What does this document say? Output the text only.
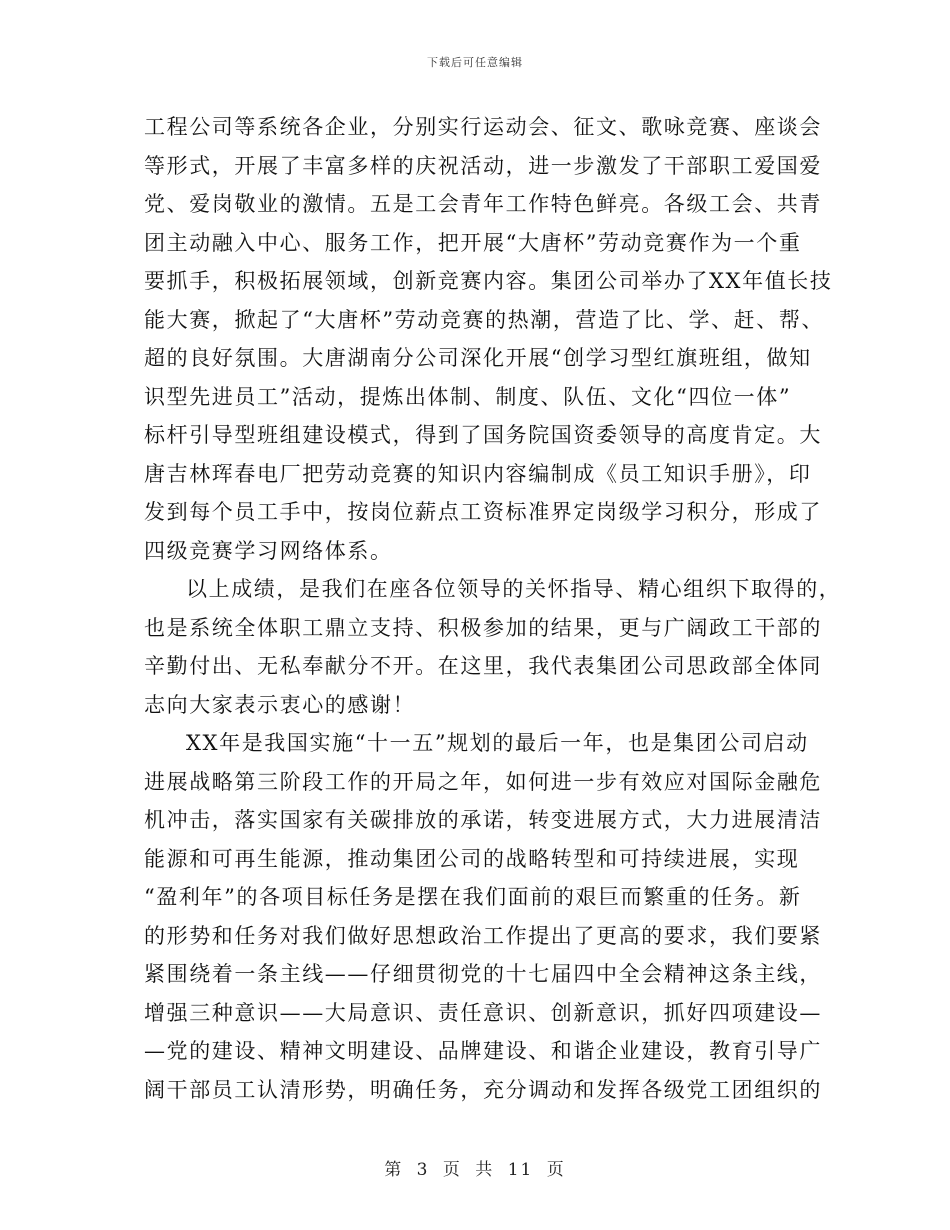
下载后可任意编辑
工程公司等系统各企业，分别实行运动会、征文、歌咏竞赛、座谈会
等形式，开展了丰富多样的庆祝活动，进一步激发了干部职工爱国爱
党、爱岗敬业的激情。五是工会青年工作特色鲜亮。各级工会、共青
团主动融入中心、服务工作，把开展“大唐杯”劳动竞赛作为一个重
要抓手，积极拓展领域，创新竞赛内容。集团公司举办了XX年值长技
能大赛，掀起了“大唐杯”劳动竞赛的热潮，营造了比、学、赶、帮、
超的良好氛围。大唐湖南分公司深化开展“创学习型红旗班组，做知
识型先进员工”活动，提炼出体制、制度、队伍、文化“四位一体”
标杆引导型班组建设模式，得到了国务院国资委领导的高度肯定。大
唐吉林珲春电厂把劳动竞赛的知识内容编制成《员工知识手册》，印
发到每个员工手中，按岗位薪点工资标准界定岗级学习积分，形成了
四级竞赛学习网络体系。
以上成绩，是我们在座各位领导的关怀指导、精心组织下取得的，
也是系统全体职工鼎立支持、积极参加的结果，更与广阔政工干部的
辛勤付出、无私奉献分不开。在这里，我代表集团公司思政部全体同
志向大家表示衷心的感谢！
XX年是我国实施“十一五”规划的最后一年，也是集团公司启动
进展战略第三阶段工作的开局之年，如何进一步有效应对国际金融危
机冲击，落实国家有关碳排放的承诺，转变进展方式，大力进展清洁
能源和可再生能源，推动集团公司的战略转型和可持续进展，实现
“盈利年”的各项目标任务是摆在我们面前的艰巨而繁重的任务。新
的形势和任务对我们做好思想政治工作提出了更高的要求，我们要紧
紧围绕着一条主线——仔细贯彻党的十七届四中全会精神这条主线，
增强三种意识——大局意识、责任意识、创新意识，抓好四项建设—
—党的建设、精神文明建设、品牌建设、和谐企业建设，教育引导广
阔干部员工认清形势，明确任务，充分调动和发挥各级党工团组织的
第 3 页 共 11 页
